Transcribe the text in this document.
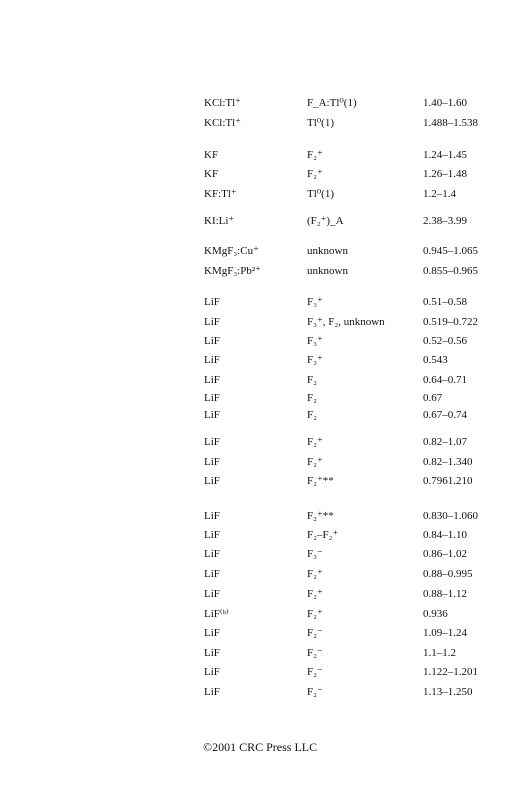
KCl:Tl⁺	F_A:Tl⁰(1)	1.40–1.60
KCl:Tl⁺	Tl⁰(1)	1.488–1.538
KF	F₂⁺	1.24–1.45
KF	F₂⁺	1.26–1.48
KF:Tl⁺	Tl⁰(1)	1.2–1.4
KI:Li⁺	(F₂⁺)_A	2.38–3.99
KMgF₃:Cu⁺	unknown	0.945–1.065
KMgF₃:Pb²⁺	unknown	0.855–0.965
LiF	F₃⁺	0.51–0.58
LiF	F₃⁺, F₂, unknown	0.519–0.722
LiF	F₃⁺	0.52–0.56
LiF	F₃⁺	0.543
LiF	F₂	0.64–0.71
LiF	F₂	0.67
LiF	F₂	0.67–0.74
LiF	F₂⁺	0.82–1.07
LiF	F₂⁺	0.82–1.340
LiF	F₂⁺**	0.7961.210
LiF	F₂⁺**	0.830–1.060
LiF	F₂–F₂⁺	0.84–1.10
LiF	F₃⁻	0.86–1.02
LiF	F₂⁺	0.88–0.995
LiF	F₂⁺	0.88–1.12
LiF⁽ᵇ⁾	F₂⁺	0.936
LiF	F₂⁻	1.09–1.24
LiF	F₂⁻	1.1–1.2
LiF	F₂⁻	1.122–1.201
LiF	F₂⁻	1.13–1.250
©2001 CRC Press LLC
